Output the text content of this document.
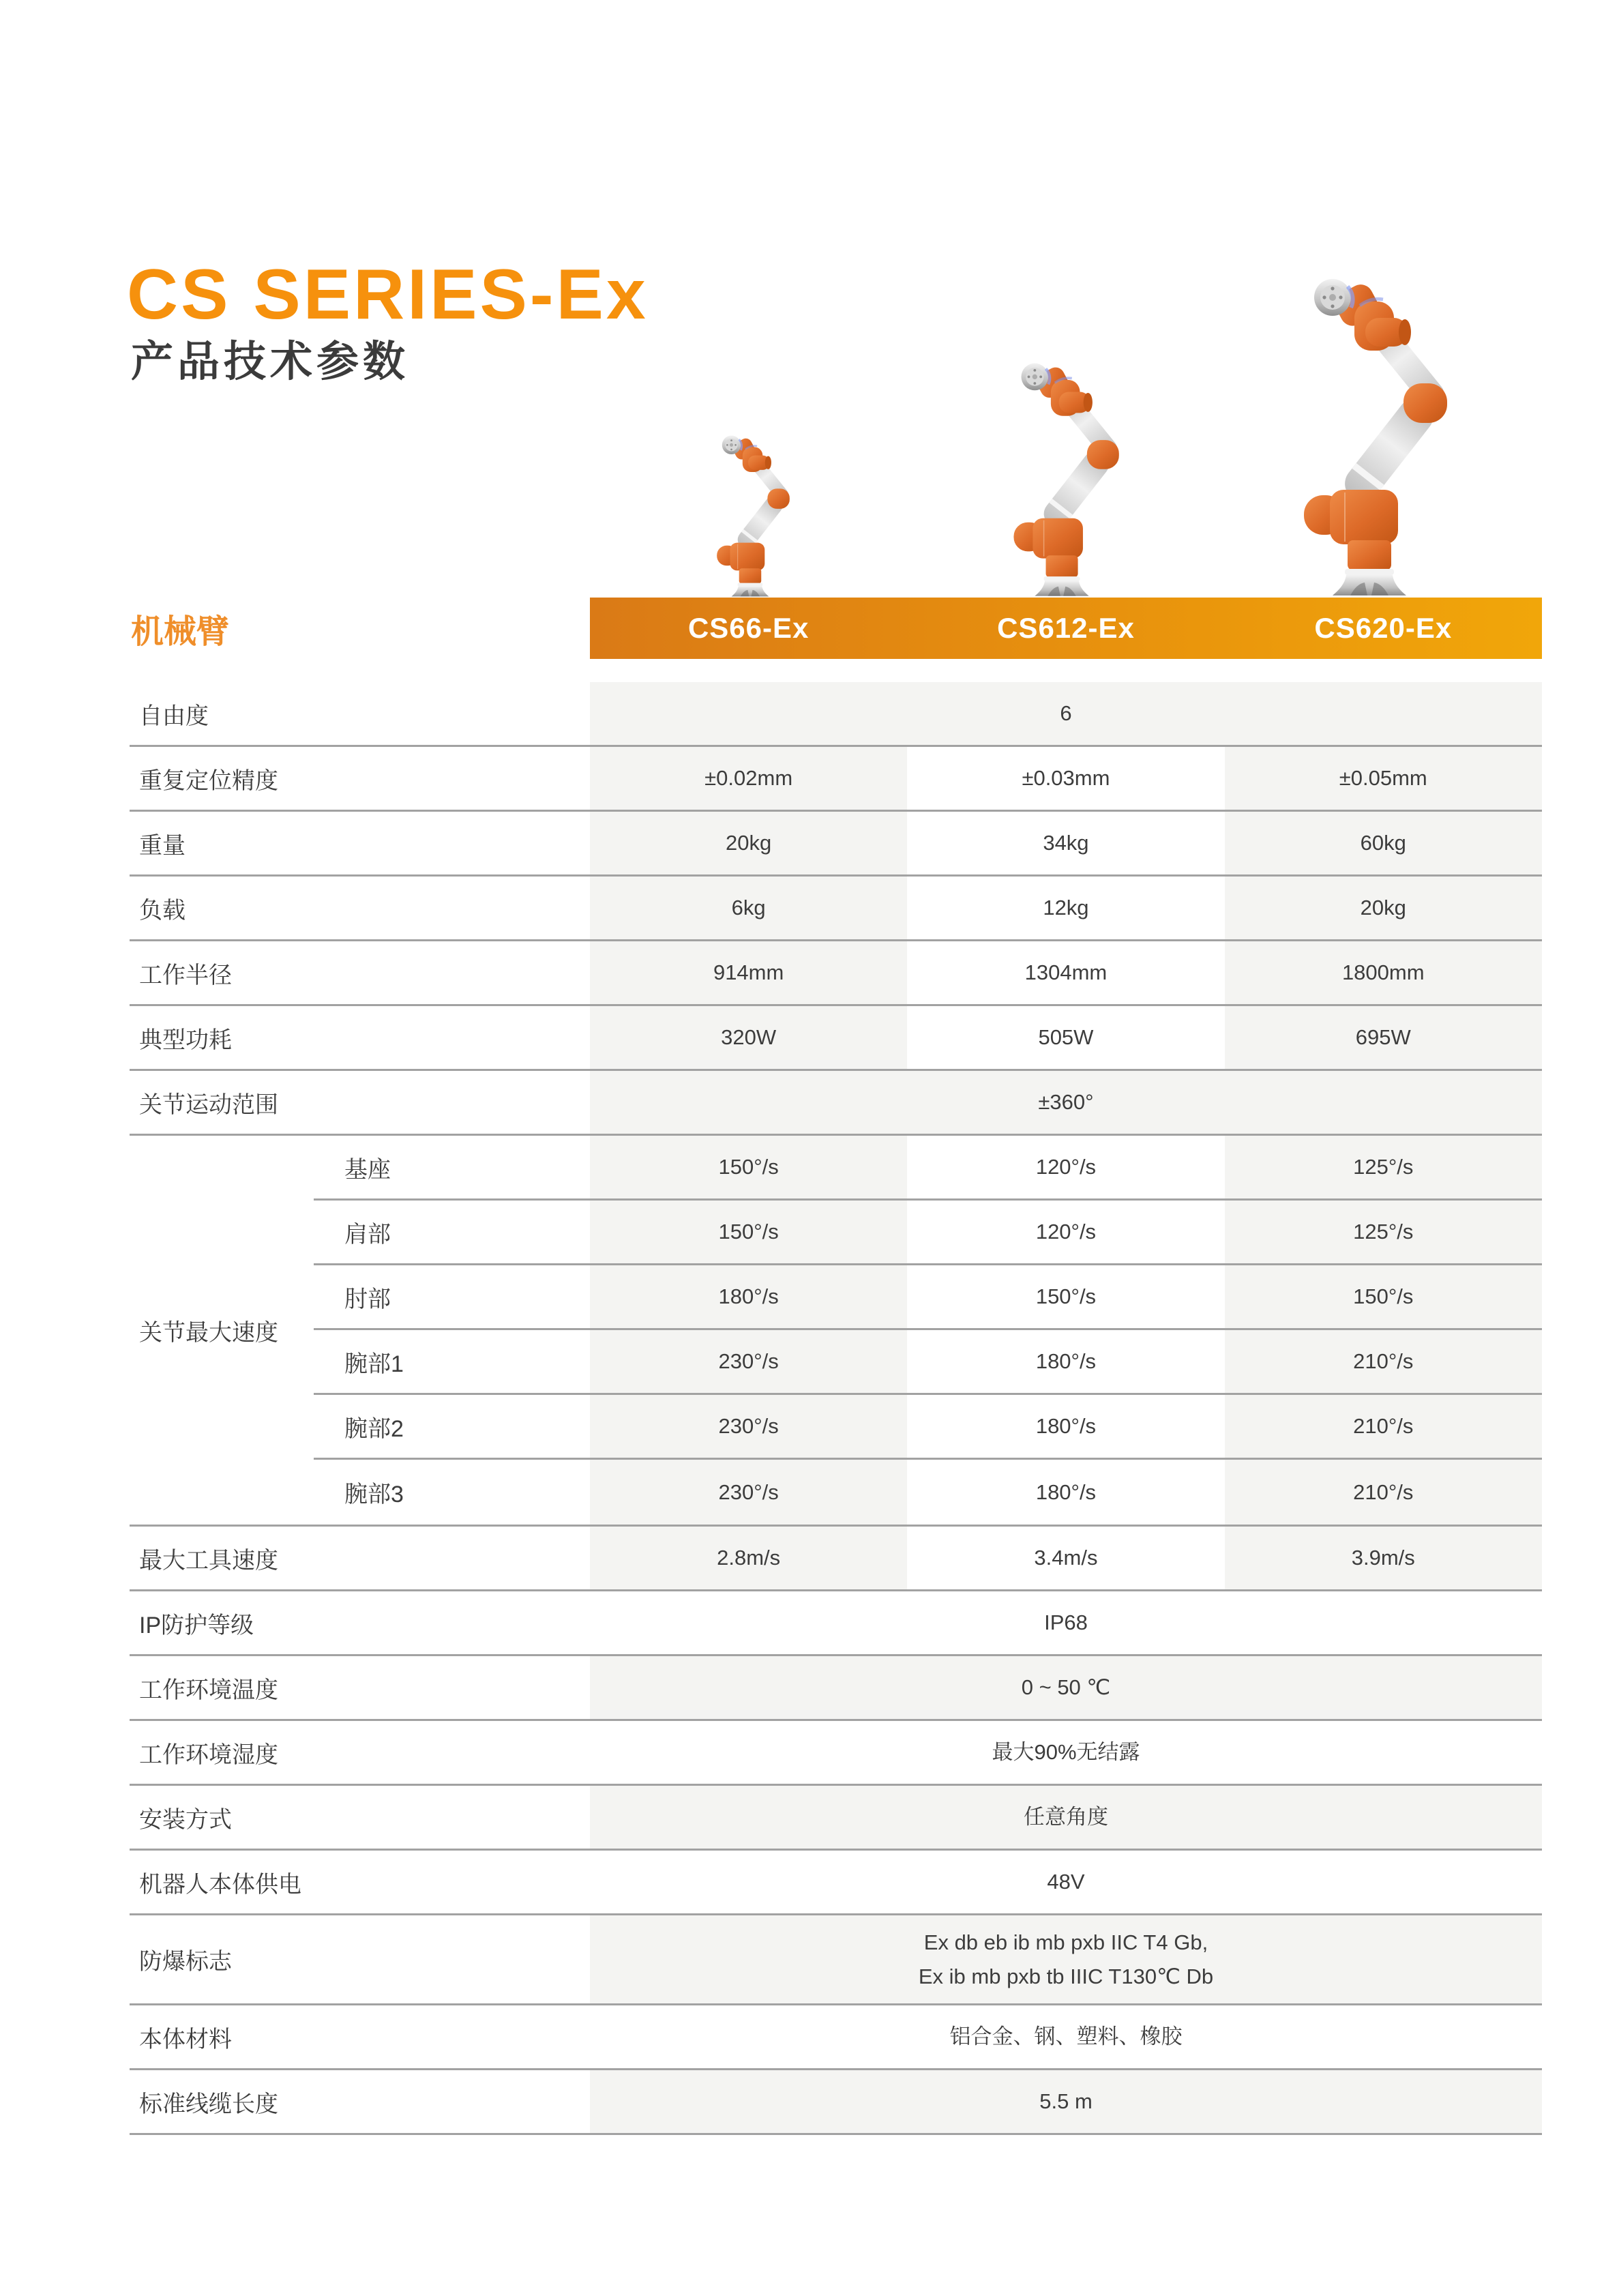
CS SERIES-Ex
产品技术参数
机械臂	CS66-Ex	CS612-Ex	CS620-Ex
自由度	6
重复定位精度	±0.02mm	±0.03mm	±0.05mm
重量	20kg	34kg	60kg
负载	6kg	12kg	20kg
工作半径	914mm	1304mm	1800mm
典型功耗	320W	505W	695W
关节运动范围	±360°
关节最大速度
基座	150°/s	120°/s	125°/s
肩部	150°/s	120°/s	125°/s
肘部	180°/s	150°/s	150°/s
腕部1	230°/s	180°/s	210°/s
腕部2	230°/s	180°/s	210°/s
腕部3	230°/s	180°/s	210°/s
最大工具速度	2.8m/s	3.4m/s	3.9m/s
IP防护等级	IP68
工作环境温度	0 ~ 50 ℃
工作环境湿度	最大90%无结露
安装方式	任意角度
机器人本体供电	48V
防爆标志
Ex db eb ib mb pxb IIC T4 Gb,
Ex ib mb pxb tb IIIC T130℃ Db
本体材料	铝合金、钢、塑料、橡胶
标准线缆长度	5.5 m
